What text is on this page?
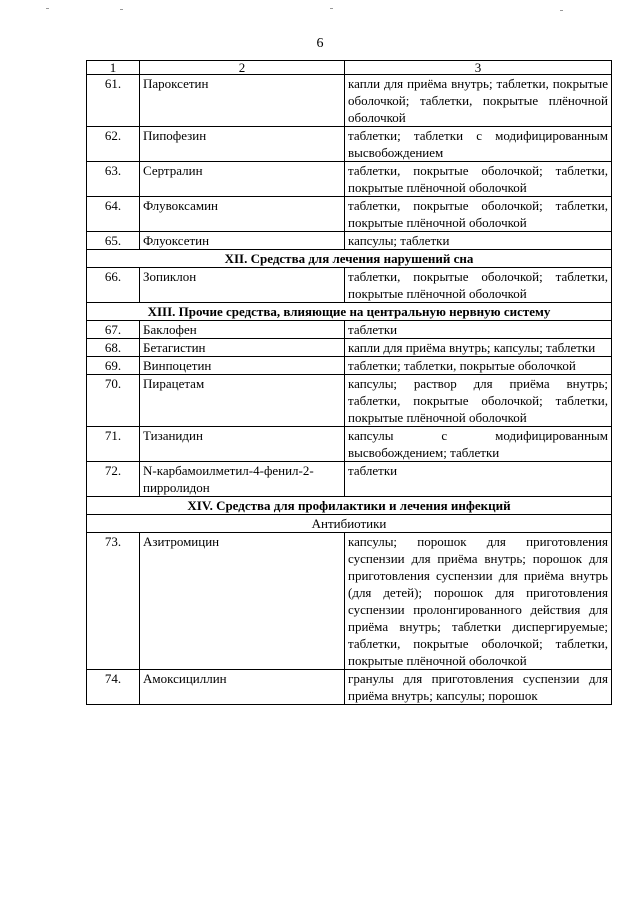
6
1	2	3
61.	Пароксетин	капли для приёма внутрь; таблетки, покрытые оболочкой; таблетки, покрытые плёночной оболочкой
62.	Пипофезин	таблетки; таблетки с модифицированным высвобождением
63.	Сертралин	таблетки, покрытые оболочкой; таблетки, покрытые плёночной оболочкой
64.	Флувоксамин	таблетки, покрытые оболочкой; таблетки, покрытые плёночной оболочкой
65.	Флуоксетин	капсулы; таблетки
XII. Средства для лечения нарушений сна		
66.	Зопиклон	таблетки, покрытые оболочкой; таблетки, покрытые плёночной оболочкой
XIII. Прочие средства, влияющие на центральную нервную систему		
67.	Баклофен	таблетки
68.	Бетагистин	капли для приёма внутрь; капсулы; таблетки
69.	Винпоцетин	таблетки; таблетки, покрытые оболочкой
70.	Пирацетам	капсулы; раствор для приёма внутрь; таблетки, покрытые оболочкой; таблетки, покрытые плёночной оболочкой
71.	Тизанидин	капсулы с модифицированным высвобождением; таблетки
72.	N-карбамоилметил-4-фенил-2-пирролидон	таблетки
XIV. Средства для профилактики и лечения инфекций		
Антибиотики		
73.	Азитромицин	капсулы; порошок для приготовления суспензии для приёма внутрь; порошок для приготовления суспензии для приёма внутрь (для детей); порошок для приготовления суспензии пролонгированного действия для приёма внутрь; таблетки диспергируемые; таблетки, покрытые оболочкой; таблетки, покрытые плёночной оболочкой
74.	Амоксициллин	гранулы для приготовления суспензии для приёма внутрь; капсулы; порошок
